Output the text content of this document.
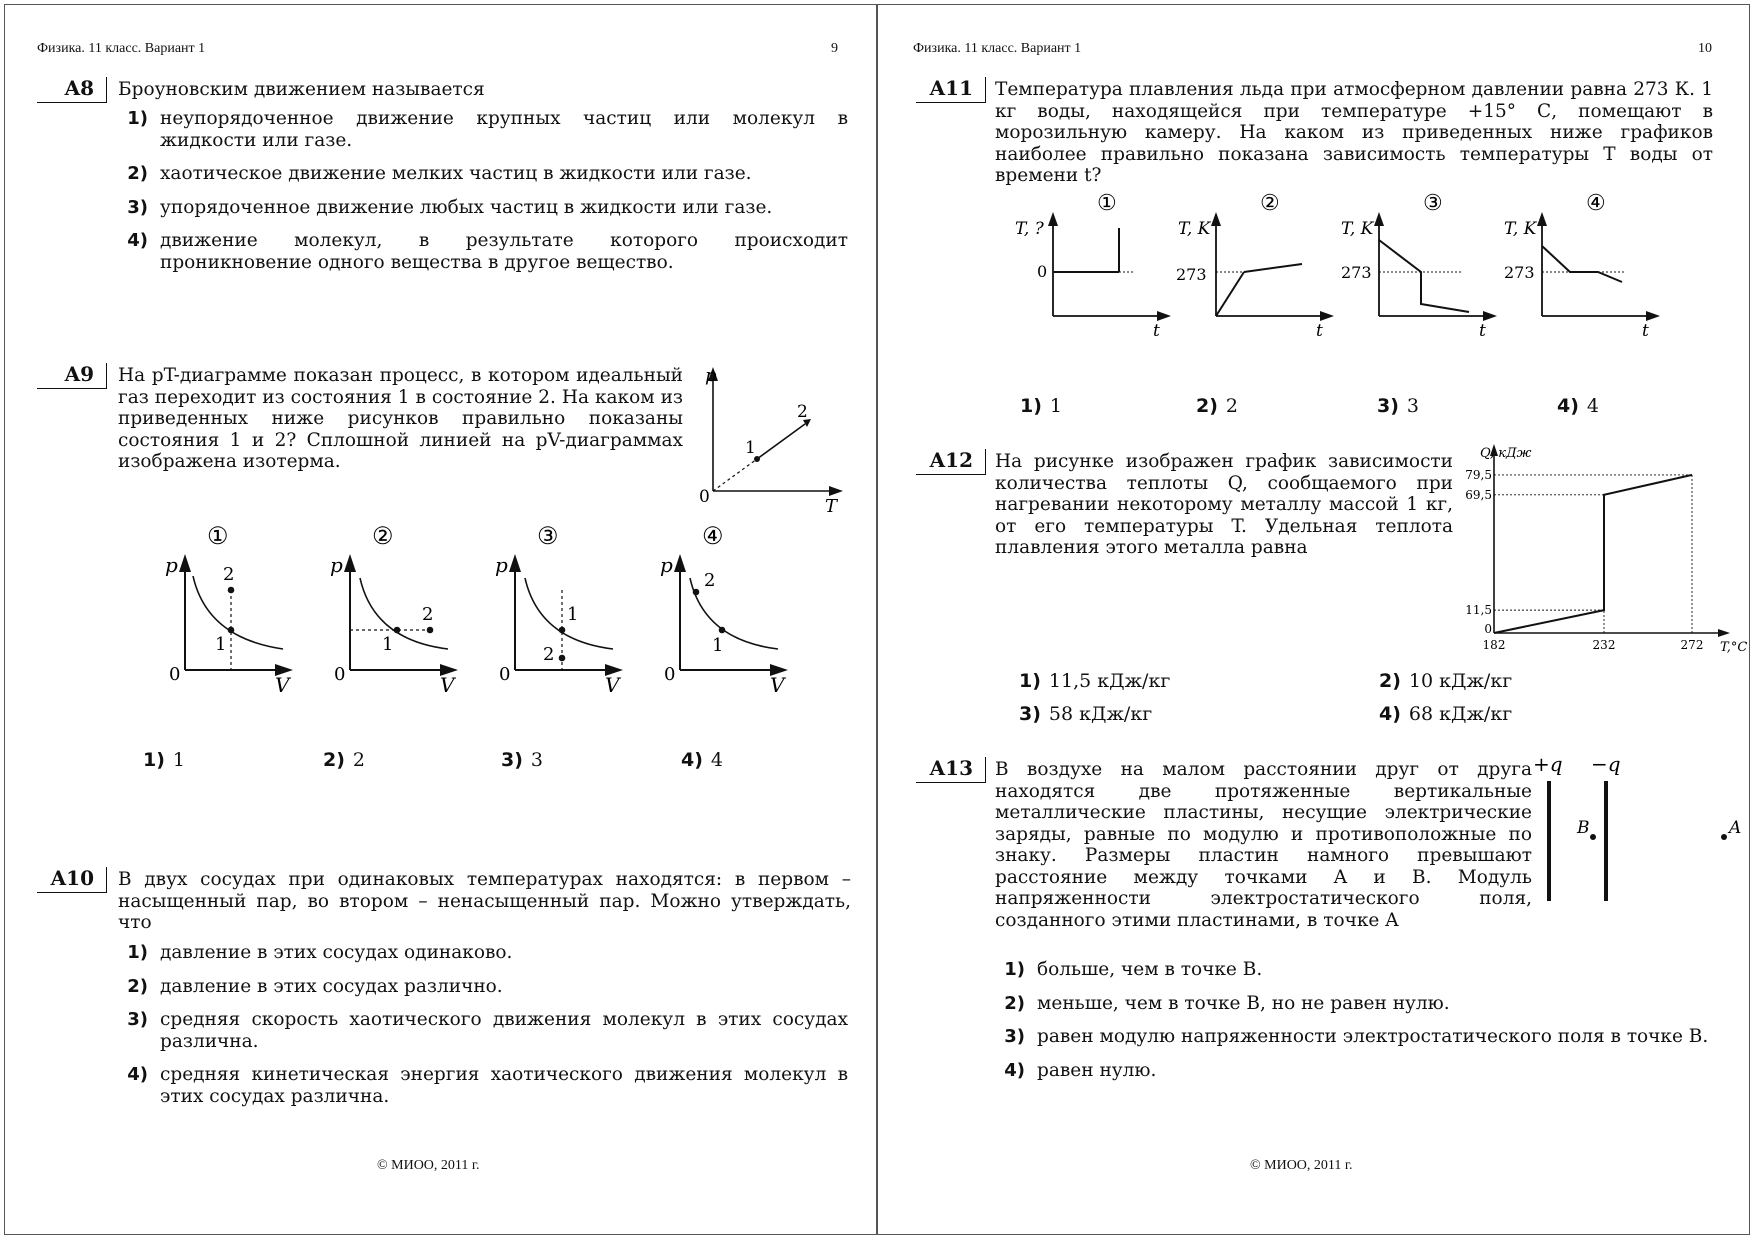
Физика. 11 класс. Вариант 1	9
A8	Броуновским движением называется
1) неупорядоченное движение крупных частиц или молекул в жидкости или газе.
2) хаотическое движение мелких частиц в жидкости или газе.
3) упорядоченное движение любых частиц в жидкости или газе.
4) движение молекул, в результате которого происходит проникновение одного вещества в другое вещество.
A9	На pT-диаграмме показан процесс, в котором идеальный газ переходит из состояния 1 в состояние 2. На каком из приведенных ниже рисунков правильно показаны состояния 1 и 2? Сплошной линией на pV-диаграммах изображена изотерма.
p
T
0
1
2
①
p
V
0
1
2
②
p
V
0
1
2
③
p
V
0
1
2
④
p
V
0
1
2
1) 1	2) 2	3) 3	4) 4
A10	В двух сосудах при одинаковых температурах находятся: в первом – насыщенный пар, во втором – ненасыщенный пар. Можно утверждать, что
1) давление в этих сосудах одинаково.
2) давление в этих сосудах различно.
3) средняя скорость хаотического движения молекул в этих сосудах различна.
4) средняя кинетическая энергия хаотического движения молекул в этих сосудах различна.
© МИОО, 2011 г.
Физика. 11 класс. Вариант 1	10
A11	Температура плавления льда при атмосферном давлении равна 273 К. 1 кг воды, находящейся при температуре +15° С, помещают в морозильную камеру. На каком из приведенных ниже графиков наиболее правильно показана зависимость температуры T воды от времени t?
①
T, ?
0
t
②
T, K
273
t
③
T, K
273
t
④
T, K
273
t
1) 1	2) 2	3) 3	4) 4
A12	На рисунке изображен график зависимости количества теплоты Q, сообщаемого при нагревании некоторому металлу массой 1 кг, от его температуры T. Удельная теплота плавления этого металла равна
0
11,5
69,5
79,5
182	232	272
Q, кДж
T,°C
1) 11,5 кДж/кг	2) 10 кДж/кг
3) 58 кДж/кг	4) 68 кДж/кг
A13	В воздухе на малом расстоянии друг от друга находятся две протяженные вертикальные металлические пластины, несущие электрические заряды, равные по модулю и противоположные по знаку. Размеры пластин намного превышают расстояние между точками A и B. Модуль напряженности электростатического поля, созданного этими пластинами, в точке A
+q −q
B	A
1) больше, чем в точке B.
2) меньше, чем в точке B, но не равен нулю.
3) равен модулю напряженности электростатического поля в точке B.
4) равен нулю.
© МИОО, 2011 г.
